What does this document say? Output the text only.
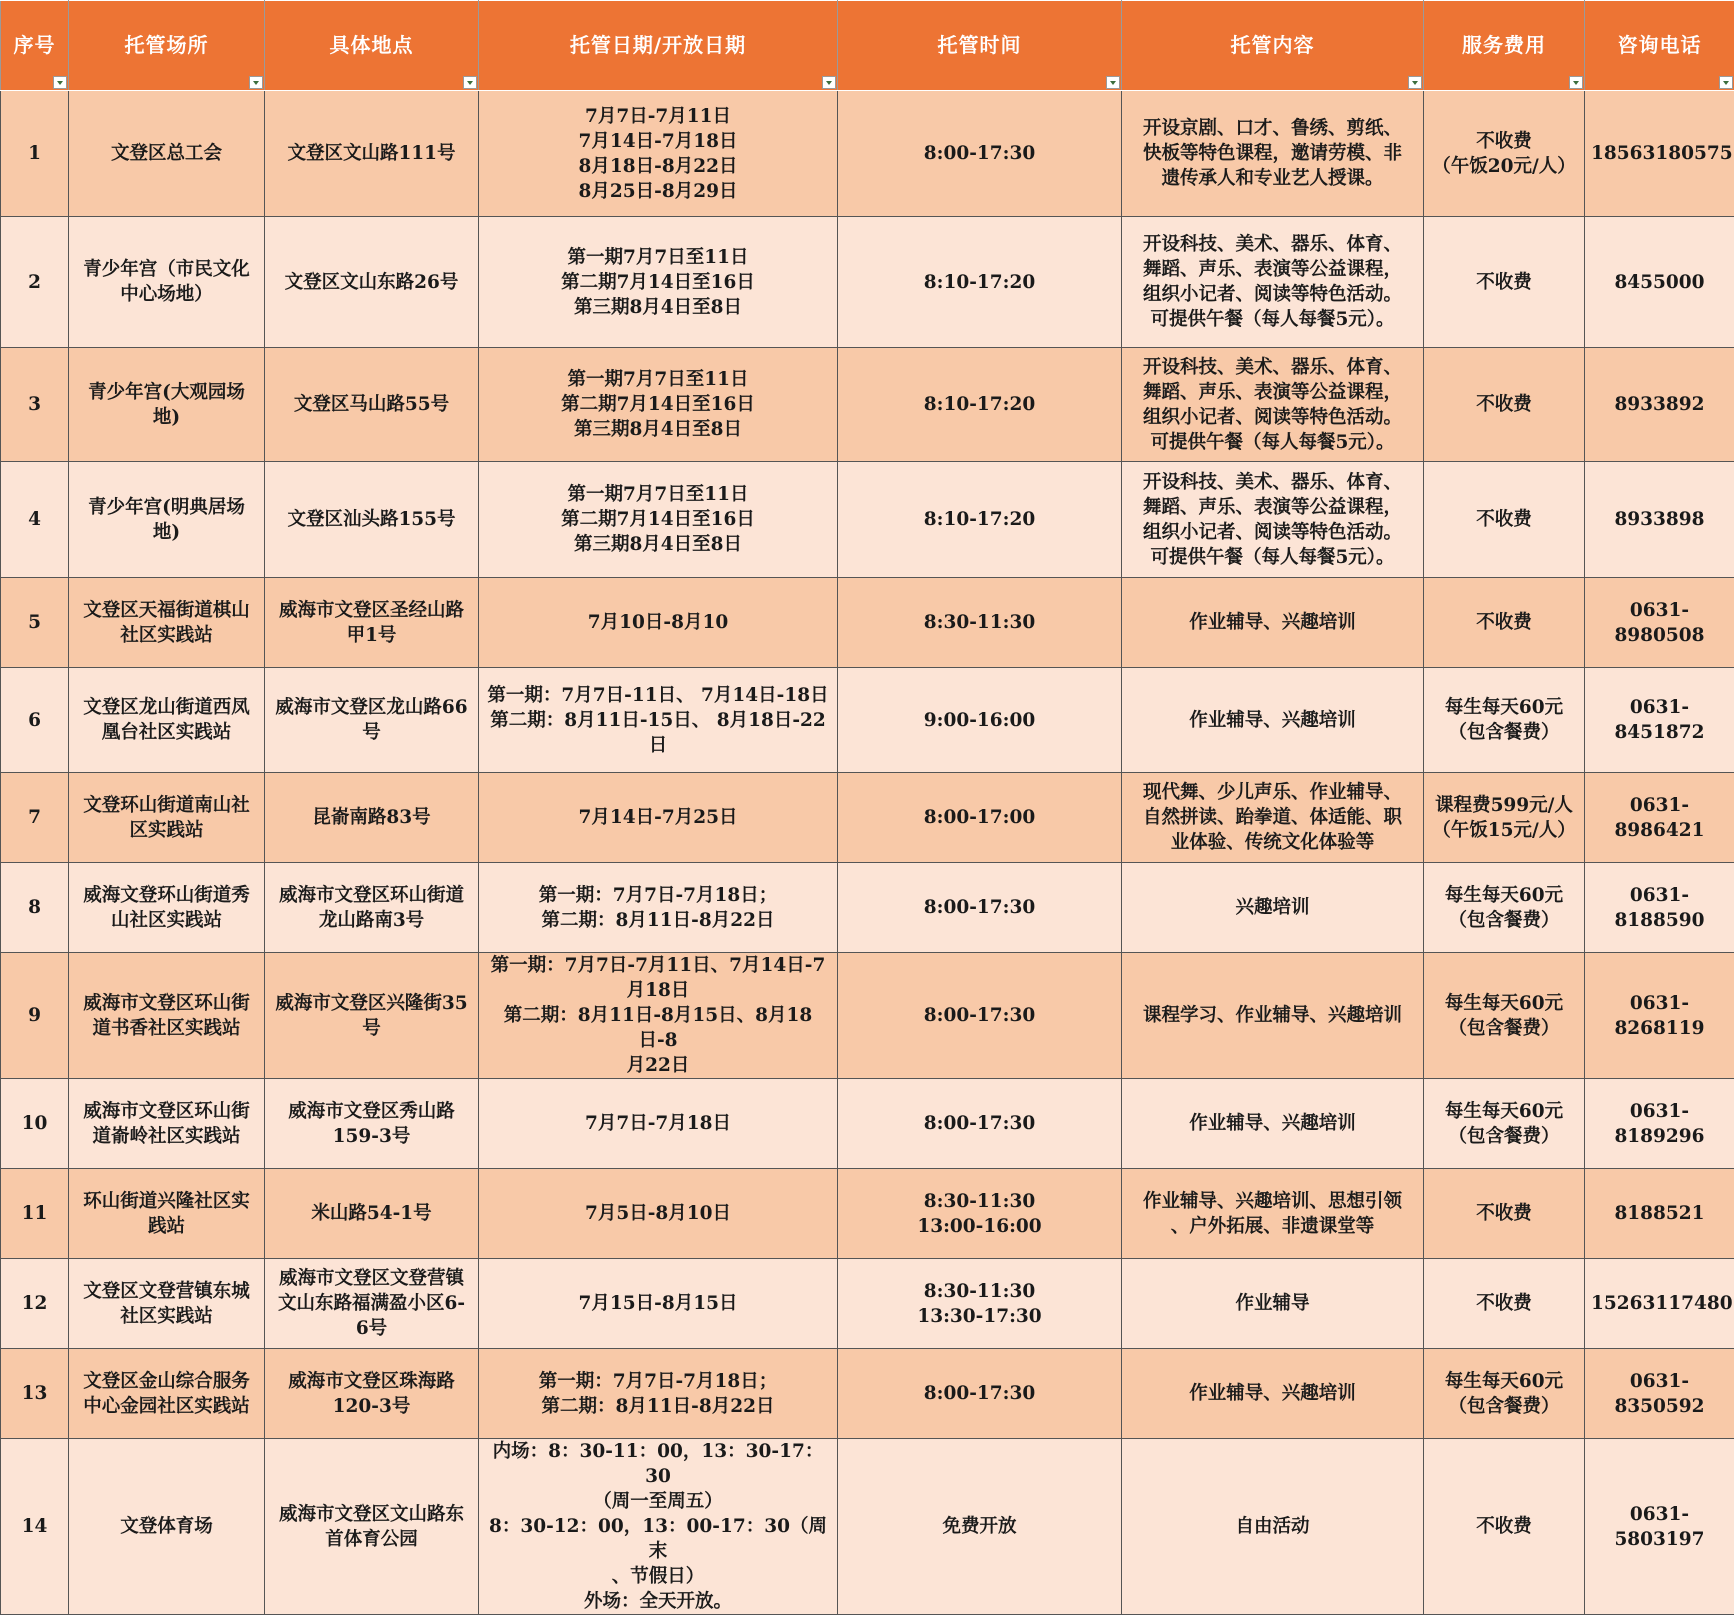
序号	托管场所	具体地点	托管日期/开放日期	托管时间	托管内容	服务费用	咨询电话

1	文登区总工会	文登区文山路111号	7月7日-7月11日
7月14日-7月18日
8月18日-8月22日
8月25日-8月29日	8:00-17:30	开设京剧、口才、鲁绣、剪纸、
快板等特色课程，邀请劳模、非
遗传承人和专业艺人授课。	不收费
（午饭20元/人）	18563180575

2	青少年宫（市民文化
中心场地）	文登区文山东路26号	第一期7月7日至11日
第二期7月14日至16日
第三期8月4日至8日	8:10-17:20	开设科技、美术、器乐、体育、
舞蹈、声乐、表演等公益课程，
组织小记者、阅读等特色活动。
可提供午餐（每人每餐5元）。	不收费	8455000

3	青少年宫(大观园场
地)	文登区马山路55号	第一期7月7日至11日
第二期7月14日至16日
第三期8月4日至8日	8:10-17:20	开设科技、美术、器乐、体育、
舞蹈、声乐、表演等公益课程，
组织小记者、阅读等特色活动。
可提供午餐（每人每餐5元）。	不收费	8933892

4	青少年宫(明典居场
地)	文登区汕头路155号	第一期7月7日至11日
第二期7月14日至16日
第三期8月4日至8日	8:10-17:20	开设科技、美术、器乐、体育、
舞蹈、声乐、表演等公益课程，
组织小记者、阅读等特色活动。
可提供午餐（每人每餐5元）。	不收费	8933898

5	文登区天福街道棋山
社区实践站	威海市文登区圣经山路
甲1号	7月10日-8月10	8:30-11:30	作业辅导、兴趣培训	不收费	0631-8980508

6	文登区龙山街道西凤
凰台社区实践站	威海市文登区龙山路66
号	第一期：7月7日-11日、 7月14日-18日
第二期：8月11日-15日、 8月18日-22
日	9:00-16:00	作业辅导、兴趣培训	每生每天60元
（包含餐费）	0631-8451872

7	文登环山街道南山社
区实践站	昆嵛南路83号	7月14日-7月25日	8:00-17:00	现代舞、少儿声乐、作业辅导、
自然拼读、跆拳道、体适能、职
业体验、传统文化体验等	课程费599元/人
（午饭15元/人）	0631-8986421

8	威海文登环山街道秀
山社区实践站	威海市文登区环山街道
龙山路南3号	第一期：7月7日-7月18日；
第二期：8月11日-8月22日	8:00-17:30	兴趣培训	每生每天60元
（包含餐费）	0631-8188590

9	威海市文登区环山街
道书香社区实践站	威海市文登区兴隆街35
号	第一期：7月7日-7月11日、7月14日-7
月18日
第二期：8月11日-8月15日、8月18日-8
月22日	8:00-17:30	课程学习、作业辅导、兴趣培训	每生每天60元
（包含餐费）	0631-8268119

10	威海市文登区环山街
道嵛岭社区实践站	威海市文登区秀山路
159-3号	7月7日-7月18日	8:00-17:30	作业辅导、兴趣培训	每生每天60元
（包含餐费）	0631-8189296

11	环山街道兴隆社区实
践站	米山路54-1号	7月5日-8月10日	8:30-11:30
13:00-16:00	作业辅导、兴趣培训、思想引领
、户外拓展、非遗课堂等	不收费	8188521

12	文登区文登营镇东城
社区实践站	威海市文登区文登营镇
文山东路福满盈小区6-
6号	7月15日-8月15日	8:30-11:30
13:30-17:30	作业辅导	不收费	15263117480

13	文登区金山综合服务
中心金园社区实践站	威海市文登区珠海路
120-3号	第一期：7月7日-7月18日；
第二期：8月11日-8月22日	8:00-17:30	作业辅导、兴趣培训	每生每天60元
（包含餐费）	0631-8350592

14	文登体育场	威海市文登区文山路东
首体育公园	内场：8：30-11：00，13：30-17：30
（周一至周五）
8：30-12：00，13：00-17：30（周末
、节假日）
外场：全天开放。	免费开放	自由活动	不收费	0631-5803197
